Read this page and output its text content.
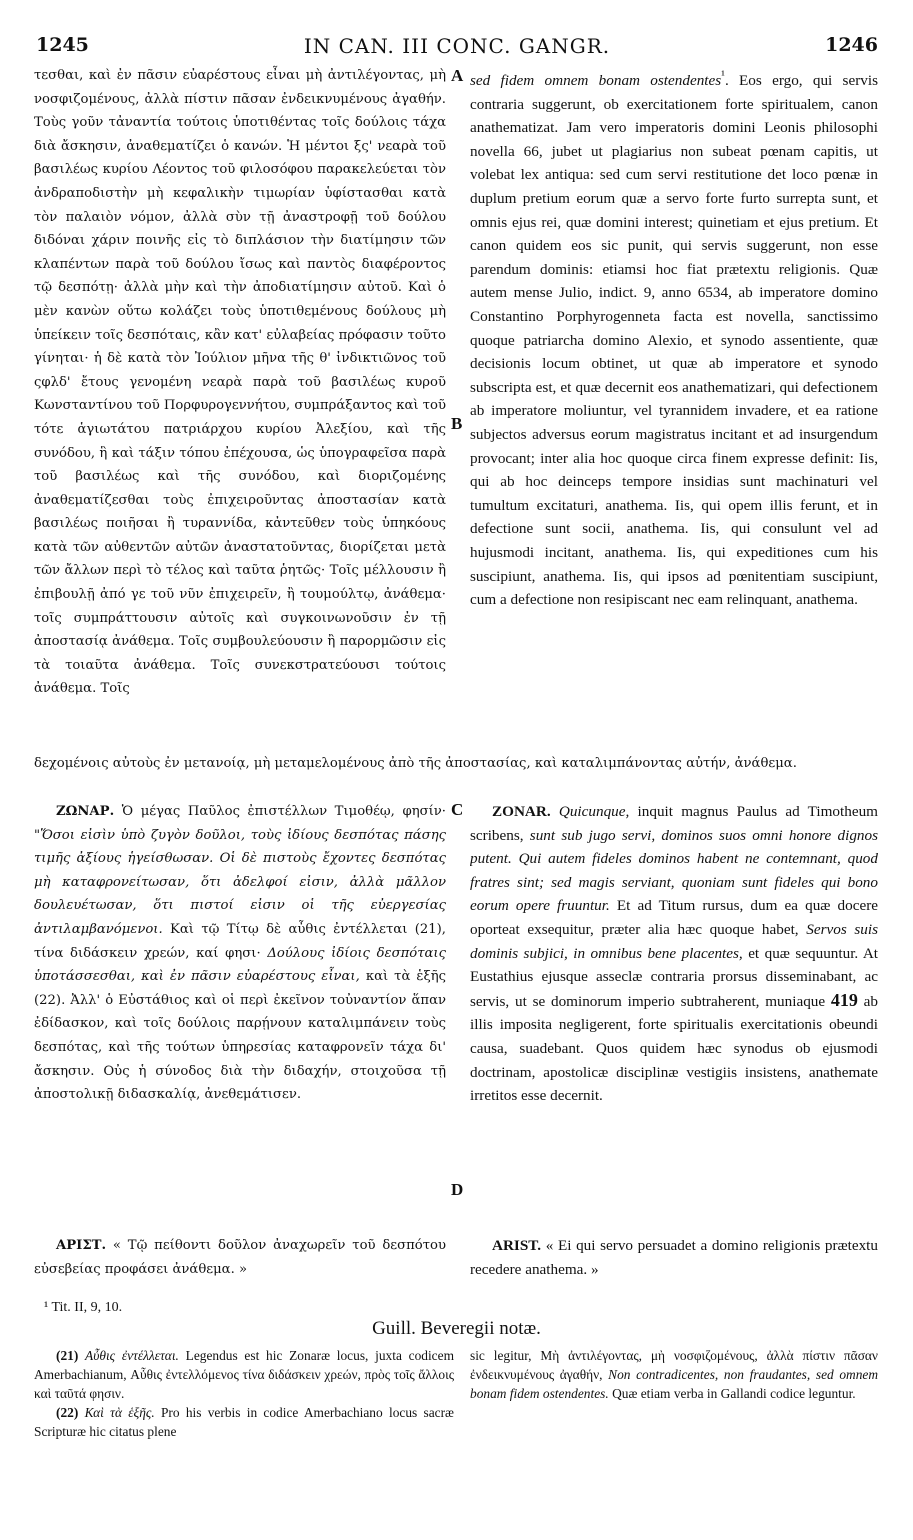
1245	IN CAN. III CONC. GANGR.	1246

τεσθαι, καὶ ἐν πᾶσιν εὐαρέστους εἶναι μὴ ἀντιλέγοντας, μὴ νοσφιζομένους, ἀλλὰ πίστιν πᾶσαν ἐνδεικνυμένους ἀγαθήν. Τοὺς γοῦν τἀναντία τούτοις ὑποτιθέντας τοῖς δούλοις τάχα διὰ ἄσκησιν, ἀναθεματίζει ὁ κανών. Ἡ μέντοι ξς' νεαρὰ τοῦ βασιλέως κυρίου Λέοντος τοῦ φιλοσόφου παρακελεύεται τὸν ἀνδραποδιστὴν μὴ κεφαλικὴν τιμωρίαν ὑφίστασθαι κατὰ τὸν παλαιὸν νόμον, ἀλλὰ σὺν τῇ ἀναστροφῇ τοῦ δούλου διδόναι χάριν ποινῆς εἰς τὸ διπλάσιον τὴν διατίμησιν τῶν κλαπέντων παρὰ τοῦ δούλου ἴσως καὶ παντὸς διαφέροντος τῷ δεσπότῃ· ἀλλὰ μὴν καὶ τὴν ἀποδιατίμησιν αὐτοῦ. Καὶ ὁ μὲν κανὼν οὕτω κολάζει τοὺς ὑποτιθεμένους δούλους μὴ ὑπείκειν τοῖς δεσπόταις, κἂν κατ' εὐλαβείας πρόφασιν τοῦτο γίνηται· ἡ δὲ κατὰ τὸν Ἰούλιον μῆνα τῆς θ' ἰνδικτιῶνος τοῦ ςφλδ' ἔτους γενομένη νεαρὰ παρὰ τοῦ βασιλέως κυροῦ Κωνσταντίνου τοῦ Πορφυρογεννήτου, συμπράξαντος καὶ τοῦ τότε ἁγιωτάτου πατριάρχου κυρίου Ἀλεξίου, καὶ τῆς συνόδου, ἣ καὶ τάξιν τόπου ἐπέχουσα, ὡς ὑπογραφεῖσα παρὰ τοῦ βασιλέως καὶ τῆς συνόδου, καὶ διοριζομένης ἀναθεματίζεσθαι τοὺς ἐπιχειροῦντας ἀποστασίαν κατὰ βασιλέως ποιῆσαι ἢ τυραννίδα, κἀντεῦθεν τοὺς ὑπηκόους κατὰ τῶν αὐθεντῶν αὐτῶν ἀναστατοῦντας, διορίζεται μετὰ τῶν ἄλλων περὶ τὸ τέλος καὶ ταῦτα ῥητῶς· Τοῖς μέλλουσιν ἢ ἐπιβουλῇ ἀπό γε τοῦ νῦν ἐπιχειρεῖν, ἢ τουμούλτῳ, ἀνάθεμα· τοῖς συμπράττουσιν αὐτοῖς καὶ συγκοινωνοῦσιν ἐν τῇ ἀποστασίᾳ ἀνάθεμα. Τοῖς συμβουλεύουσιν ἢ παρορμῶσιν εἰς τὰ τοιαῦτα ἀνάθεμα. Τοῖς συνεκστρατεύουσι τούτοις ἀνάθεμα. Τοῖς

A
B

sed fidem omnem bonam ostendentes$^{^1}$. Eos ergo, qui servis contraria suggerunt, ob exercitationem forte spiritualem, canon anathematizat. Jam vero imperatoris domini Leonis philosophi novella 66, jubet ut plagiarius non subeat pœnam capitis, ut volebat lex antiqua: sed cum servi restitutione det loco pœnæ in duplum pretium eorum quæ a servo forte furto surrepta sunt, et omnis ejus rei, quæ domini interest; quinetiam et ejus pretium. Et canon quidem eos sic punit, qui servis suggerunt, non esse parendum dominis: etiamsi hoc fiat prætextu religionis. Quæ autem mense Julio, indict. 9, anno 6534, ab imperatore domino Constantino Porphyrogenneta facta est novella, sanctissimo quoque patriarcha domino Alexio, et synodo assentiente, quæ decisionis locum obtinet, ut quæ ab imperatore et synodo subscripta est, et quæ decernit eos anathematizari, qui defectionem ab imperatore moliuntur, vel tyrannidem invadere, et ea ratione subjectos adversus eorum magistratus incitant et ad insurgendum provocant; inter alia hoc quoque circa finem expresse definit: Iis, qui ab hoc deinceps tempore insidias sunt machinaturi vel tumultum excitaturi, anathema. Iis, qui opem illis ferunt, et in defectione sunt socii, anathema. Iis, qui consulunt vel ad hujusmodi incitant, anathema. Iis, qui expeditiones cum his suscipiunt, anathema. Iis, qui ipsos ad pœnitentiam suscipiunt, cum a defectione non resipiscant nec eam relinquant, anathema.

δεχομένοις αὐτοὺς ἐν μετανοίᾳ, μὴ μεταμελομένους ἀπὸ τῆς ἀποστασίας, καὶ καταλιμπάνοντας αὐτήν, ἀνάθεμα.

ΖΩΝΑΡ. Ὁ μέγας Παῦλος ἐπιστέλλων Τιμοθέῳ, φησίν· "Ὅσοι εἰσὶν ὑπὸ ζυγὸν δοῦλοι, τοὺς ἰδίους δεσπότας πάσης τιμῆς ἀξίους ἡγείσθωσαν. Οἱ δὲ πιστοὺς ἔχοντες δεσπότας μὴ καταφρονείτωσαν, ὅτι ἀδελφοί εἰσιν, ἀλλὰ μᾶλλον δουλευέτωσαν, ὅτι πιστοί εἰσιν οἱ τῆς εὐεργεσίας ἀντιλαμβανόμενοι. Καὶ τῷ Τίτῳ δὲ αὖθις ἐντέλλεται (21), τίνα διδάσκειν χρεών, καί φησι· Δούλους ἰδίοις δεσπόταις ὑποτάσσεσθαι, καὶ ἐν πᾶσιν εὐαρέστους εἶναι, καὶ τὰ ἑξῆς (22). Ἀλλ' ὁ Εὐστάθιος καὶ οἱ περὶ ἐκεῖνον τοὐναντίον ἅπαν ἐδίδασκον, καὶ τοῖς δούλοις παρῄνουν καταλιμπάνειν τοὺς δεσπότας, καὶ τῆς τούτων ὑπηρεσίας καταφρονεῖν τάχα δι' ἄσκησιν. Οὐς ἡ σύνοδος διὰ τὴν διδαχήν, στοιχοῦσα τῇ ἀποστολικῇ διδασκαλίᾳ, ἀνεθεμάτισεν.

C
D

ZONAR. Quicunque, inquit magnus Paulus ad Timotheum scribens, sunt sub jugo servi, dominos suos omni honore dignos putent. Qui autem fideles dominos habent ne contemnant, quod fratres sint; sed magis serviant, quoniam sunt fideles qui bono eorum opere fruuntur. Et ad Titum rursus, dum ea quæ docere oporteat exsequitur, præter alia hæc quoque habet, Servos suis dominis subjici, in omnibus bene placentes, et quæ sequuntur. At Eustathius ejusque asseclæ contraria prorsus disseminabant, ac servis, ut se dominorum imperio subtraherent, muniaque 419 ab illis imposita negligerent, forte spiritualis exercitationis obeundi causa, suadebant. Quos quidem hæc synodus ob ejusmodi doctrinam, apostolicæ disciplinæ vestigiis insistens, anathemate irretitos esse decernit.

ΑΡΙΣΤ. « Τῷ πείθοντι δοῦλον ἀναχωρεῖν τοῦ δεσπότου εὐσεβείας προφάσει ἀνάθεμα. »

ARIST. « Ei qui servo persuadet a domino religionis prætextu recedere anathema. »

¹ Tit. II, 9, 10.
Guill. Beveregii notæ.

(21) Αὖθις ἐντέλλεται. Legendus est hic Zonaræ locus, juxta codicem Amerbachianum, Αὖθις ἐντελλόμενος τίνα διδάσκειν χρεών, πρὸς τοῖς ἄλλοις καὶ ταῦτά φησιν.

(22) Καὶ τὰ ἑξῆς. Pro his verbis in codice Amerbachiano locus sacræ Scripturæ hic citatus plene

sic legitur, Μὴ ἀντιλέγοντας, μὴ νοσφιζομένους, ἀλλὰ πίστιν πᾶσαν ἐνδεικνυμένους ἀγαθήν, Non contradicentes, non fraudantes, sed omnem bonam fidem ostendentes. Quæ etiam verba in Gallandi codice leguntur.
